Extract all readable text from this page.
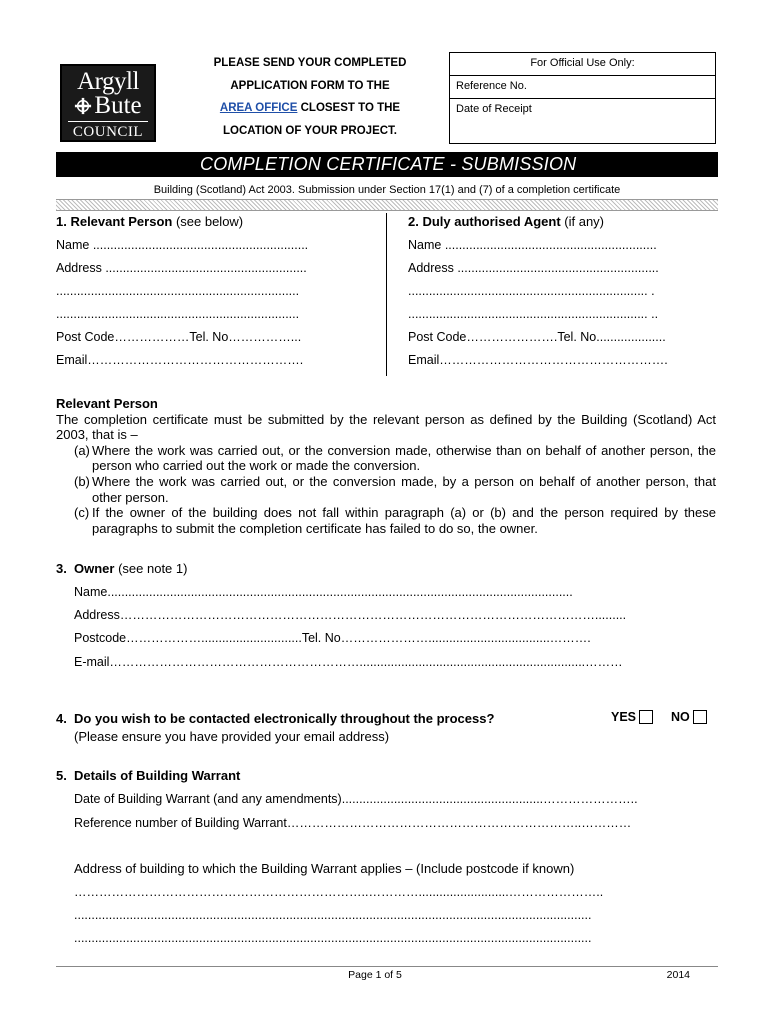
Argyll
Bute
COUNCIL
PLEASE SEND YOUR COMPLETED
APPLICATION FORM TO THE
AREA OFFICE CLOSEST TO THE
LOCATION OF YOUR PROJECT.
For Official Use Only:
Reference No.
Date of Receipt
COMPLETION CERTIFICATE - SUBMISSION
Building (Scotland) Act 2003. Submission under Section 17(1) and (7) of a completion certificate
1. Relevant Person (see below)
Name ..............................................................
Address ..........................................................
......................................................................
......................................................................
Post Code………………Tel. No……………...
Email…………………………………………….
2. Duly authorised Agent (if any)
Name .............................................................
Address ..........................................................
..................................................................... .
..................................................................... ..
Post Code………………….Tel. No....................
Email……………………………………………….
Relevant Person
The completion certificate must be submitted by the relevant person as defined by the Building (Scotland) Act 2003, that is –
(a) Where the work was carried out, or the conversion made, otherwise than on behalf of another person, the person who carried out the work or made the conversion.
(b) Where the work was carried out, or the conversion made, by a person on behalf of another person, that other person.
(c) If the owner of the building does not fall within paragraph (a) or (b) and the person required by these paragraphs to submit the completion certificate has failed to do so, the owner.
3. Owner (see note 1)
Name......................................................................................................................................
Address…………………………………………………………………………………………………….........
Postcode……………….............................Tel. No…………………...................................……….
E-mail…………………………………………………….................................................................………
4. Do you wish to be contacted electronically throughout the process?
(Please ensure you have provided your email address)
YES	NO
5. Details of Building Warrant
Date of Building Warrant (and any amendments)..........................................................…………………..
Reference number of Building Warrant……………………………………………………………..…………
Address of building to which the Building Warrant applies – (Include postcode if known)
……………………………………………………………..…………..........................…………………..
.....................................................................................................................................................
.....................................................................................................................................................
Page 1 of 5	2014
